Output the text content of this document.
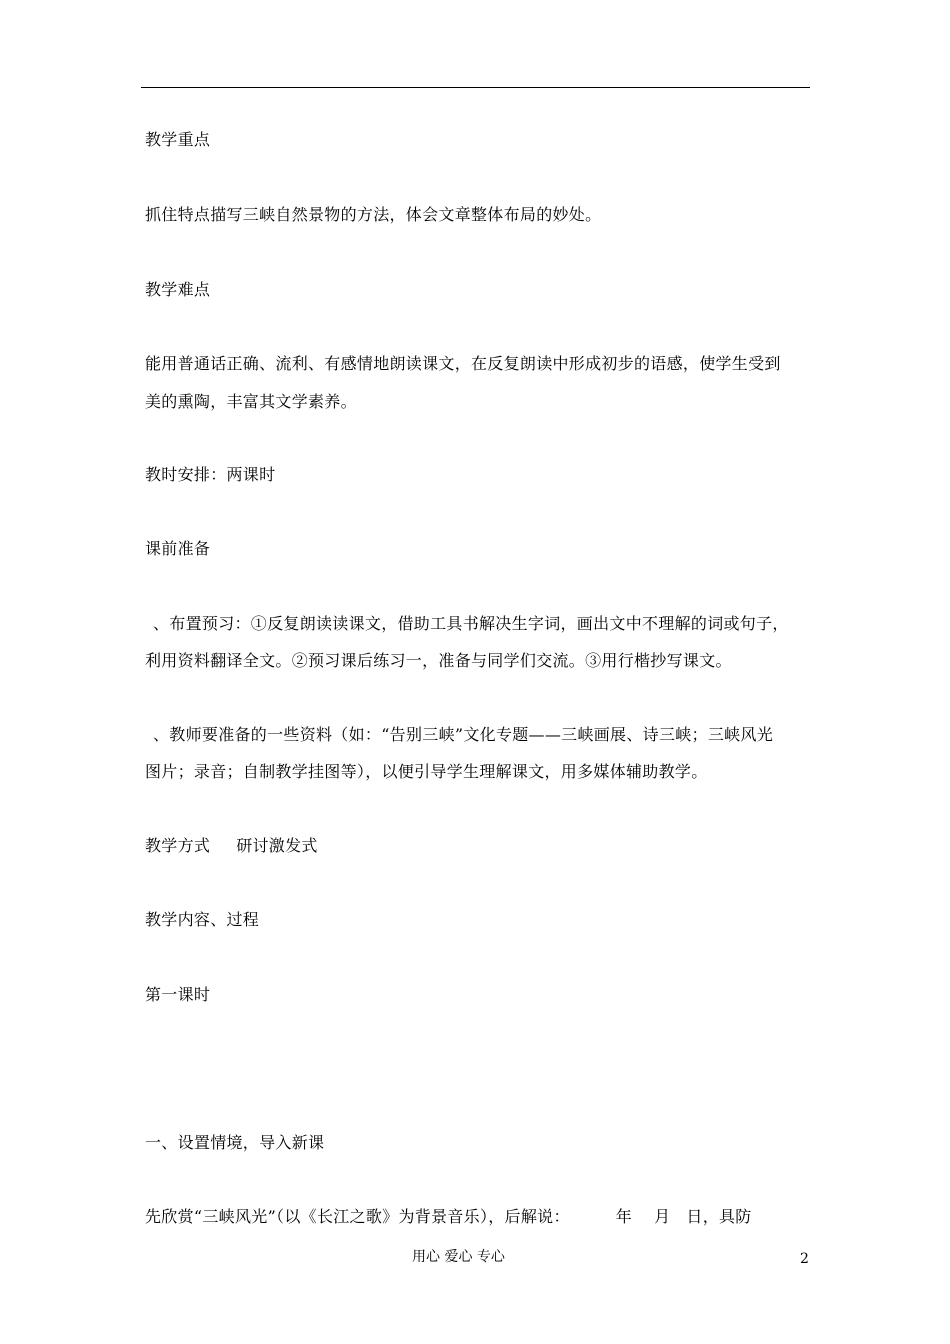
教学重点
抓住特点描写三峡自然景物的方法，体会文章整体布局的妙处。
教学难点
能用普通话正确、流利、有感情地朗读课文，在反复朗读中形成初步的语感，使学生受到
美的熏陶，丰富其文学素养。
教时安排：两课时
课前准备
、布置预习：①反复朗读读课文，借助工具书解决生字词，画出文中不理解的词或句子，
利用资料翻译全文。②预习课后练习一，准备与同学们交流。③用行楷抄写课文。
、教师要准备的一些资料（如：“告别三峡”文化专题——三峡画展、诗三峡；三峡风光
图片；录音；自制教学挂图等），以便引导学生理解课文，用多媒体辅助教学。
教学方式 研讨激发式
教学内容、过程
第一课时
一、设置情境，导入新课
先欣赏“三峡风光”（以《长江之歌》为背景音乐），后解说：	年 月 日，具防
用心 爱心 专心	2
